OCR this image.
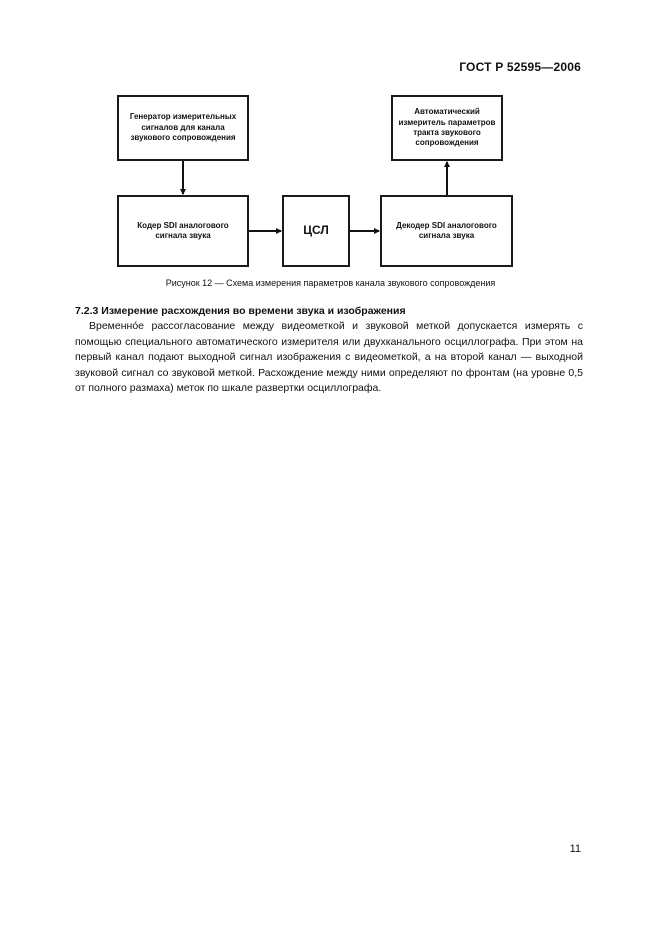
ГОСТ Р 52595—2006
Генератор измерительных сигналов для канала звукового сопровождения
Автоматический измеритель параметров тракта звукового сопровождения
Кодер SDI аналогового сигнала звука	ЦСЛ	Декодер SDI аналогового сигнала звука
Рисунок 12 — Схема измерения параметров канала звукового сопровождения
7.2.3 Измерение расхождения во времени звука и изображения
Временно́е рассогласование между видеометкой и звуковой меткой допускается измерять с помощью специального автоматического измерителя или двухканального осциллографа. При этом на первый канал подают выходной сигнал изображения с видеометкой, а на второй канал — выходной звуковой сигнал со звуковой меткой. Расхождение между ними определяют по фронтам (на уровне 0,5 от полного размаха) меток по шкале развертки осциллографа.
11
